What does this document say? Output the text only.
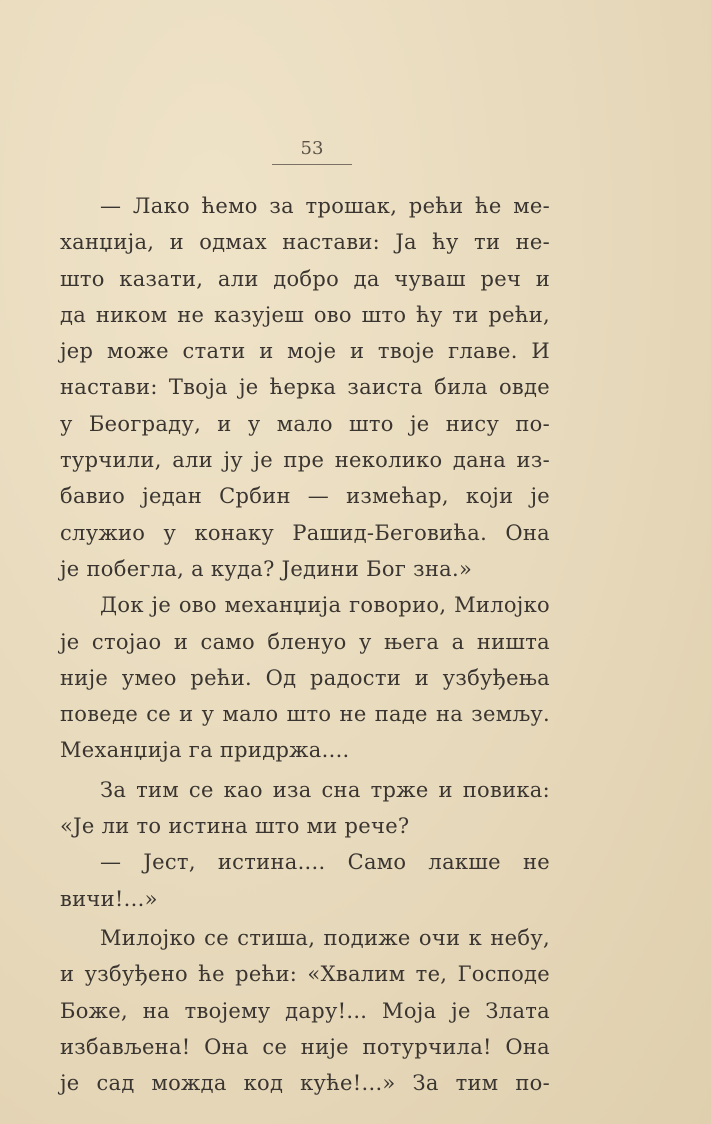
53
— Лако ћемо за трошак, рећи ће ме-
ханџија, и одмах настави: Ја ћу ти не-
што казати, али добро да чуваш реч и
да ником не казујеш ово што ћу ти рећи,
јер може стати и моје и твоје главе. И
настави: Твоја је ћерка заиста била овде
у Београду, и у мало што је нису по-
турчили, али ју је пре неколико дана из-
бавио један Србин — измећар, који је
служио у конаку Рашид-Беговића. Она
је побегла, а куда? Једини Бог зна.»
Док је ово механџија говорио, Милојко
је стојао и само бленуо у њега а ништа
није умео рећи. Од радости и узбуђења
поведе се и у мало што не паде на земљу.
Механџија га придржа....
За тим се као иза сна трже и повика:
«Је ли то истина што ми рече?
— Јест, истина.... Само лакше не
вичи!...»
Милојко се стиша, подиже очи к небу,
и узбуђено ће рећи: «Хвалим те, Господе
Боже, на твојему дару!... Моја је Злата
избављена! Она се није потурчила! Она
је сад можда код куће!...» За тим по-
